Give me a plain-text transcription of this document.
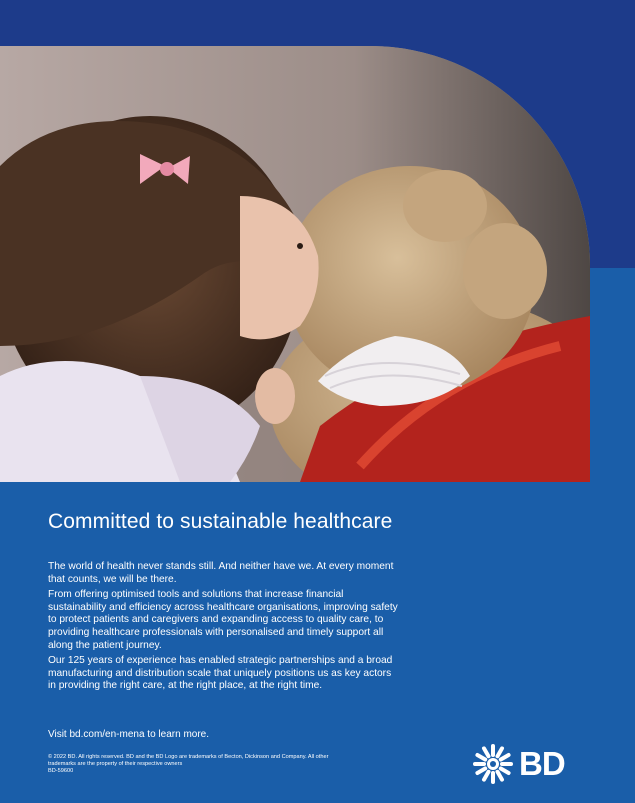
Committed to sustainable healthcare

The world of health never stands still. And neither have we. At every moment that counts, we will be there.

From offering optimised tools and solutions that increase financial sustainability and efficiency across healthcare organisations, improving safety to protect patients and caregivers and expanding access to quality care, to providing healthcare professionals with personalised and timely support all along the patient journey.

Our 125 years of experience has enabled strategic partnerships and a broad manufacturing and distribution scale that uniquely positions us as key actors in providing the right care, at the right place, at the right time.

Visit bd.com/en-mena to learn more.

© 2022 BD. All rights reserved. BD and the BD Logo are trademarks of Becton, Dickinson and Company. All other trademarks are the property of their respective owners

BD-59600	BD
